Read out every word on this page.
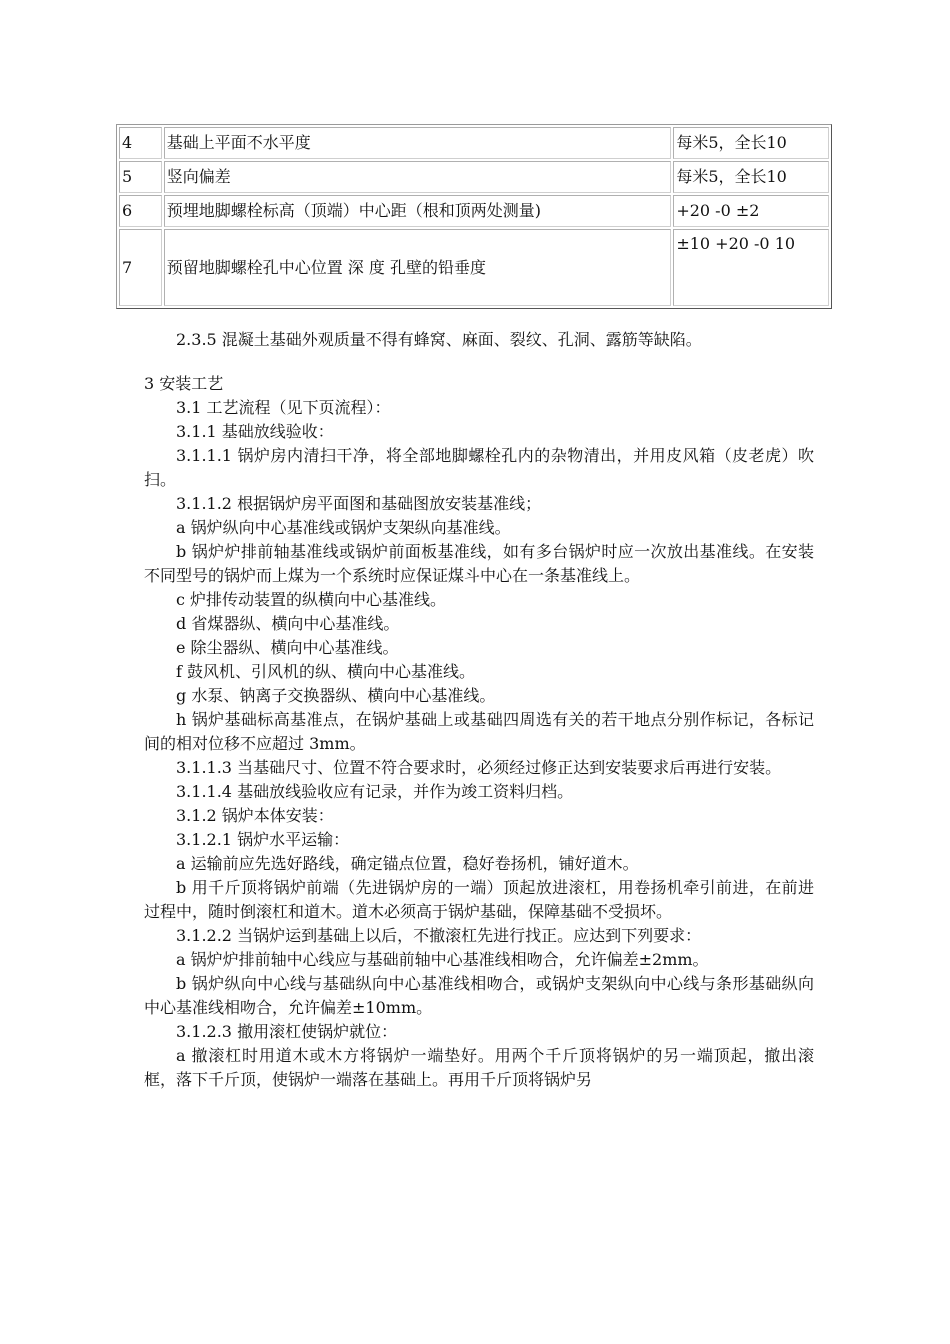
4	基础上平面不水平度	每米5，全长10
5	竖向偏差	每米5，全长10
6	预埋地脚螺栓标高（顶端）中心距（根和顶两处测量)	+20 -0 ±2
7	预留地脚螺栓孔中心位置 深 度 孔壁的铅垂度	±10 +20 -0 10

2.3.5 混凝土基础外观质量不得有蜂窝、麻面、裂纹、孔洞、露筋等缺陷。

3 安装工艺

3.1 工艺流程（见下页流程）：

3.1.1 基础放线验收：

3.1.1.1 锅炉房内清扫干净，将全部地脚螺栓孔内的杂物清出，并用皮风箱（皮老虎）吹扫。

3.1.1.2 根据锅炉房平面图和基础图放安装基准线；

a 锅炉纵向中心基准线或锅炉支架纵向基准线。

b 锅炉炉排前轴基准线或锅炉前面板基准线，如有多台锅炉时应一次放出基准线。在安装不同型号的锅炉而上煤为一个系统时应保证煤斗中心在一条基准线上。

c 炉排传动装置的纵横向中心基准线。

d 省煤器纵、横向中心基准线。

e 除尘器纵、横向中心基准线。

f 鼓风机、引风机的纵、横向中心基准线。

g 水泵、钠离子交换器纵、横向中心基准线。

h 锅炉基础标高基准点，在锅炉基础上或基础四周选有关的若干地点分别作标记，各标记间的相对位移不应超过 3mm。

3.1.1.3 当基础尺寸、位置不符合要求时，必须经过修正达到安装要求后再进行安装。

3.1.1.4 基础放线验收应有记录，并作为竣工资料归档。

3.1.2 锅炉本体安装：

3.1.2.1 锅炉水平运输：

a 运输前应先选好路线，确定锚点位置，稳好卷扬机，铺好道木。

b 用千斤顶将锅炉前端（先进锅炉房的一端）顶起放进滚杠，用卷扬机牵引前进，在前进过程中，随时倒滚杠和道木。道木必须高于锅炉基础，保障基础不受损坏。

3.1.2.2 当锅炉运到基础上以后，不撤滚杠先进行找正。应达到下列要求：

a 锅炉炉排前轴中心线应与基础前轴中心基准线相吻合，允许偏差±2mm。

b 锅炉纵向中心线与基础纵向中心基准线相吻合，或锅炉支架纵向中心线与条形基础纵向中心基准线相吻合，允许偏差±10mm。

3.1.2.3 撤用滚杠使锅炉就位：

a 撤滚杠时用道木或木方将锅炉一端垫好。用两个千斤顶将锅炉的另一端顶起，撤出滚框，落下千斤顶，使锅炉一端落在基础上。再用千斤顶将锅炉另
